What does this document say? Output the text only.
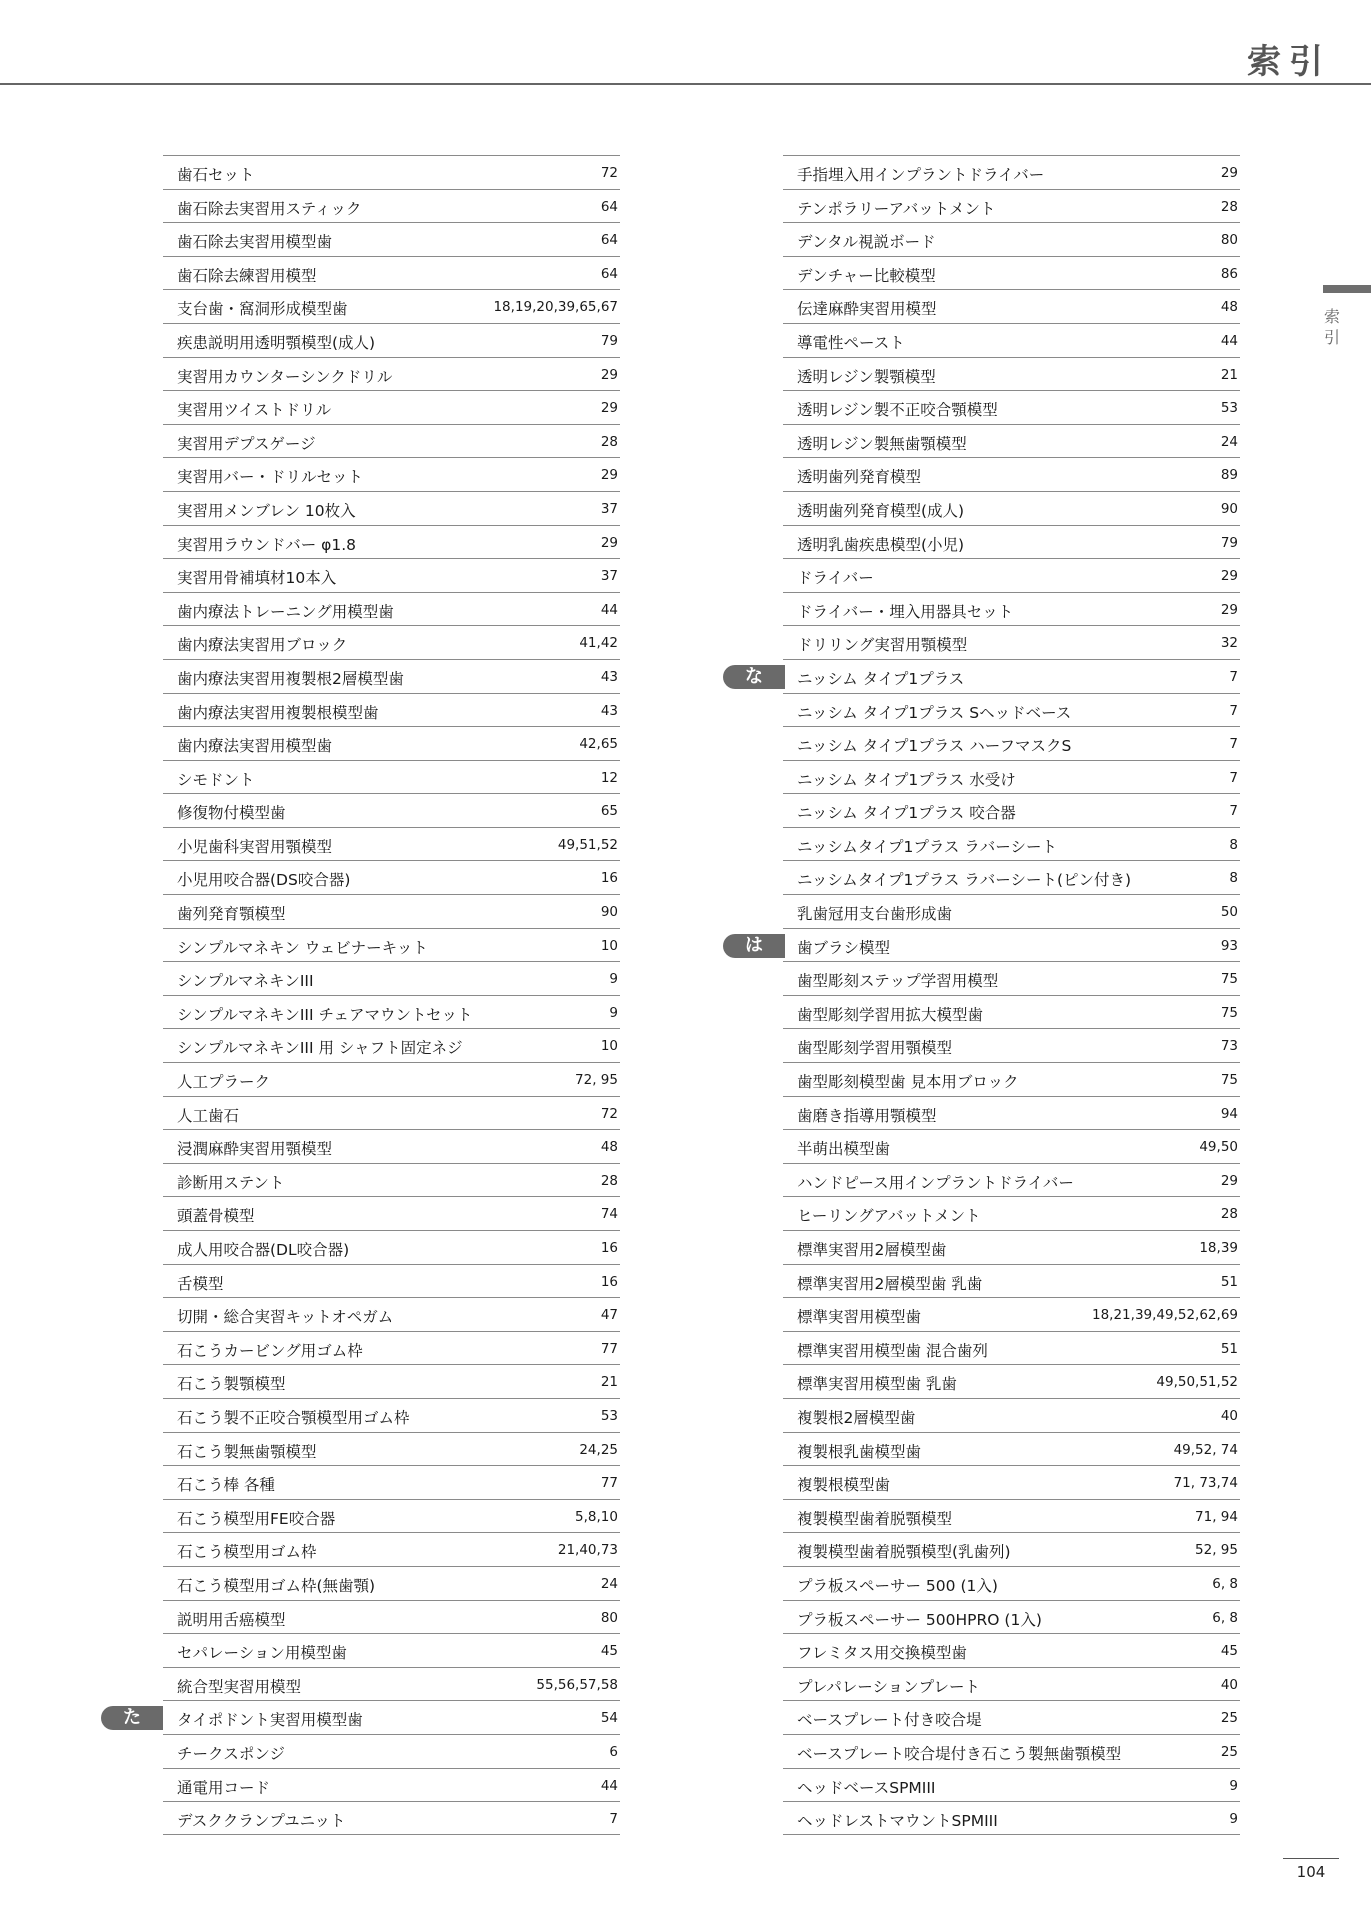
索引
索
引
歯石セット	72
歯石除去実習用スティック	64
歯石除去実習用模型歯	64
歯石除去練習用模型	64
支台歯・窩洞形成模型歯	18,19,20,39,65,67
疾患説明用透明顎模型(成人)	79
実習用カウンターシンクドリル	29
実習用ツイストドリル	29
実習用デプスゲージ	28
実習用バー・ドリルセット	29
実習用メンブレン 10枚入	37
実習用ラウンドバー φ1.8	29
実習用骨補填材10本入	37
歯内療法トレーニング用模型歯	44
歯内療法実習用ブロック	41,42
歯内療法実習用複製根2層模型歯	43
歯内療法実習用複製根模型歯	43
歯内療法実習用模型歯	42,65
シモドント	12
修復物付模型歯	65
小児歯科実習用顎模型	49,51,52
小児用咬合器(DS咬合器)	16
歯列発育顎模型	90
シンプルマネキン ウェビナーキット	10
シンプルマネキンIII	9
シンプルマネキンIII チェアマウントセット	9
シンプルマネキンIII 用 シャフト固定ネジ	10
人工プラーク	72, 95
人工歯石	72
浸潤麻酔実習用顎模型	48
診断用ステント	28
頭蓋骨模型	74
成人用咬合器(DL咬合器)	16
舌模型	16
切開・総合実習キットオペガム	47
石こうカービング用ゴム枠	77
石こう製顎模型	21
石こう製不正咬合顎模型用ゴム枠	53
石こう製無歯顎模型	24,25
石こう棒 各種	77
石こう模型用FE咬合器	5,8,10
石こう模型用ゴム枠	21,40,73
石こう模型用ゴム枠(無歯顎)	24
説明用舌癌模型	80
セパレーション用模型歯	45
統合型実習用模型	55,56,57,58
た	タイポドント実習用模型歯	54
チークスポンジ	6
通電用コード	44
デスククランプユニット	7
手指埋入用インプラントドライバー	29
テンポラリーアバットメント	28
デンタル視説ボード	80
デンチャー比較模型	86
伝達麻酔実習用模型	48
導電性ペースト	44
透明レジン製顎模型	21
透明レジン製不正咬合顎模型	53
透明レジン製無歯顎模型	24
透明歯列発育模型	89
透明歯列発育模型(成人)	90
透明乳歯疾患模型(小児)	79
ドライバー	29
ドライバー・埋入用器具セット	29
ドリリング実習用顎模型	32
な	ニッシム タイプ1プラス	7
ニッシム タイプ1プラス Sヘッドベース	7
ニッシム タイプ1プラス ハーフマスクS	7
ニッシム タイプ1プラス 水受け	7
ニッシム タイプ1プラス 咬合器	7
ニッシムタイプ1プラス ラバーシート	8
ニッシムタイプ1プラス ラバーシート(ピン付き)	8
乳歯冠用支台歯形成歯	50
は	歯ブラシ模型	93
歯型彫刻ステップ学習用模型	75
歯型彫刻学習用拡大模型歯	75
歯型彫刻学習用顎模型	73
歯型彫刻模型歯 見本用ブロック	75
歯磨き指導用顎模型	94
半萌出模型歯	49,50
ハンドピース用インプラントドライバー	29
ヒーリングアバットメント	28
標準実習用2層模型歯	18,39
標準実習用2層模型歯 乳歯	51
標準実習用模型歯	18,21,39,49,52,62,69
標準実習用模型歯 混合歯列	51
標準実習用模型歯 乳歯	49,50,51,52
複製根2層模型歯	40
複製根乳歯模型歯	49,52, 74
複製根模型歯	71, 73,74
複製模型歯着脱顎模型	71, 94
複製模型歯着脱顎模型(乳歯列)	52, 95
プラ板スペーサー 500 (1入)	6, 8
プラ板スペーサー 500HPRO (1入)	6, 8
フレミタス用交換模型歯	45
プレパレーションプレート	40
ベースプレート付き咬合堤	25
ベースプレート咬合堤付き石こう製無歯顎模型	25
ヘッドベースSPMIII	9
ヘッドレストマウントSPMIII	9
104
